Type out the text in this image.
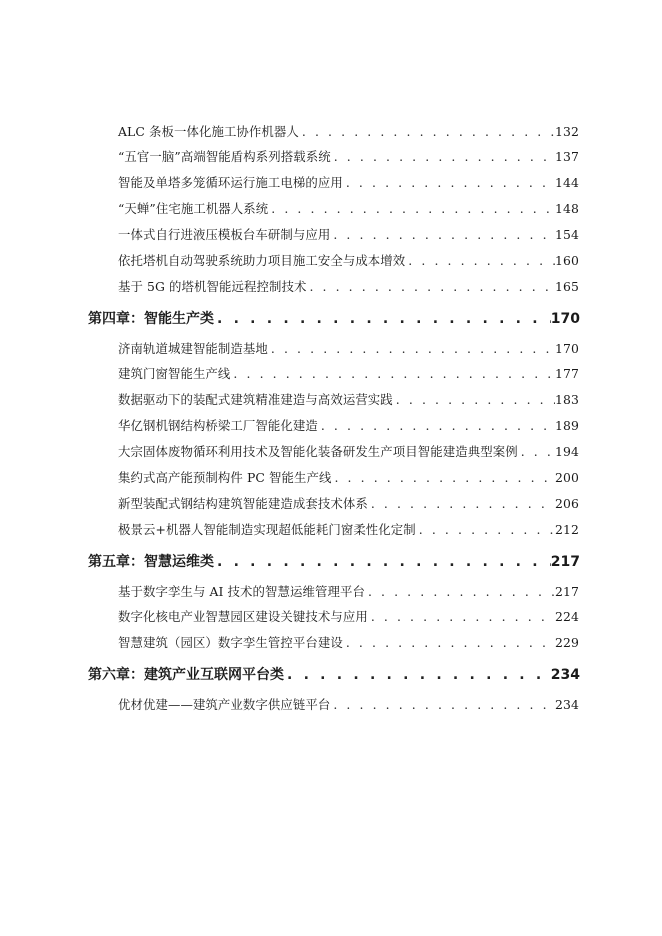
ALC 条板一体化施工协作机器人 . . .	132
“五官一脑”高端智能盾构系列搭载系统 . . .	137
智能及单塔多笼循环运行施工电梯的应用 . . .	144
“天蝉”住宅施工机器人系统 . . .	148
一体式自行进液压模板台车研制与应用 . . .	154
依托塔机自动驾驶系统助力项目施工安全与成本增效 . . .	160
基于 5G 的塔机智能远程控制技术 . . .	165
第四章：智能生产类 . . .	170
济南轨道城建智能制造基地 . . .	170
建筑门窗智能生产线 . . .	177
数据驱动下的装配式建筑精准建造与高效运营实践 . . .	183
华亿钢机钢结构桥梁工厂智能化建造 . . .	189
大宗固体废物循环利用技术及智能化装备研发生产项目智能建造典型案例 . . .	194
集约式高产能预制构件 PC 智能生产线 . . .	200
新型装配式钢结构建筑智能建造成套技术体系 . . .	206
极景云+机器人智能制造实现超低能耗门窗柔性化定制 . . .	212
第五章：智慧运维类 . . .	217
基于数字孪生与 AI 技术的智慧运维管理平台 . . .	217
数字化核电产业智慧园区建设关键技术与应用 . . .	224
智慧建筑（园区）数字孪生管控平台建设 . . .	229
第六章：建筑产业互联网平台类 . . .	234
优材优建——建筑产业数字供应链平台 . . .	234
